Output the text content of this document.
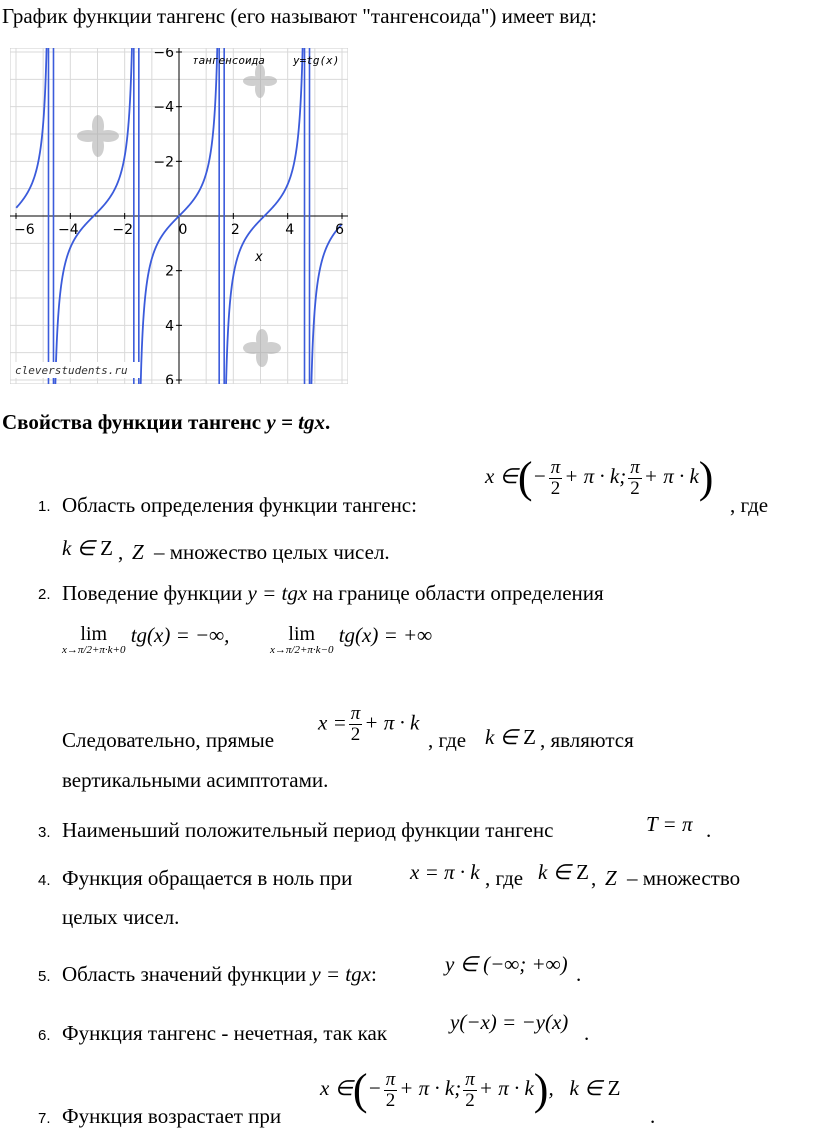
График функции тангенс (его называют "тангенсоида") имеет вид:
−6 −4 −2	0	2	4	6
6
4
2
−2
−4
−6 тангенсоида	y=tg(x)
x
cleverstudents.ru
Свойства функции тангенс y = tgx.
1. Область определения функции тангенс:
x ∈(− $\frac{\pi}{2} + \pi \cdot k$; $\frac{\pi}{2} + \pi \cdot k$)
, где
k ∈ Z , Z – множество целых чисел.
2. Поведение функции y = tgx на границе области определения
lim
x→π/2+π·k+0
tg(x) = −∞,	lim
x→π/2+π·k−0
tg(x) = +∞
Следовательно, прямые
$x = \frac{\pi}{2} + \pi \cdot k$
, где k ∈ Z , являются
вертикальными асимптотами.
3. Наименьший положительный период функции тангенс	T = π .
4. Функция обращается в ноль при	x = π · k , где k ∈ Z , Z – множество
целых чисел.
5. Область значений функции y = tgx:	y ∈ (−∞; +∞) .
6. Функция тангенс - нечетная, так как	y(−x) = −y(x) .
7. Функция возрастает при
x ∈(− $\frac{\pi}{2} + \pi \cdot k$; $\frac{\pi}{2} + \pi \cdot k$),   k ∈ Z
.
